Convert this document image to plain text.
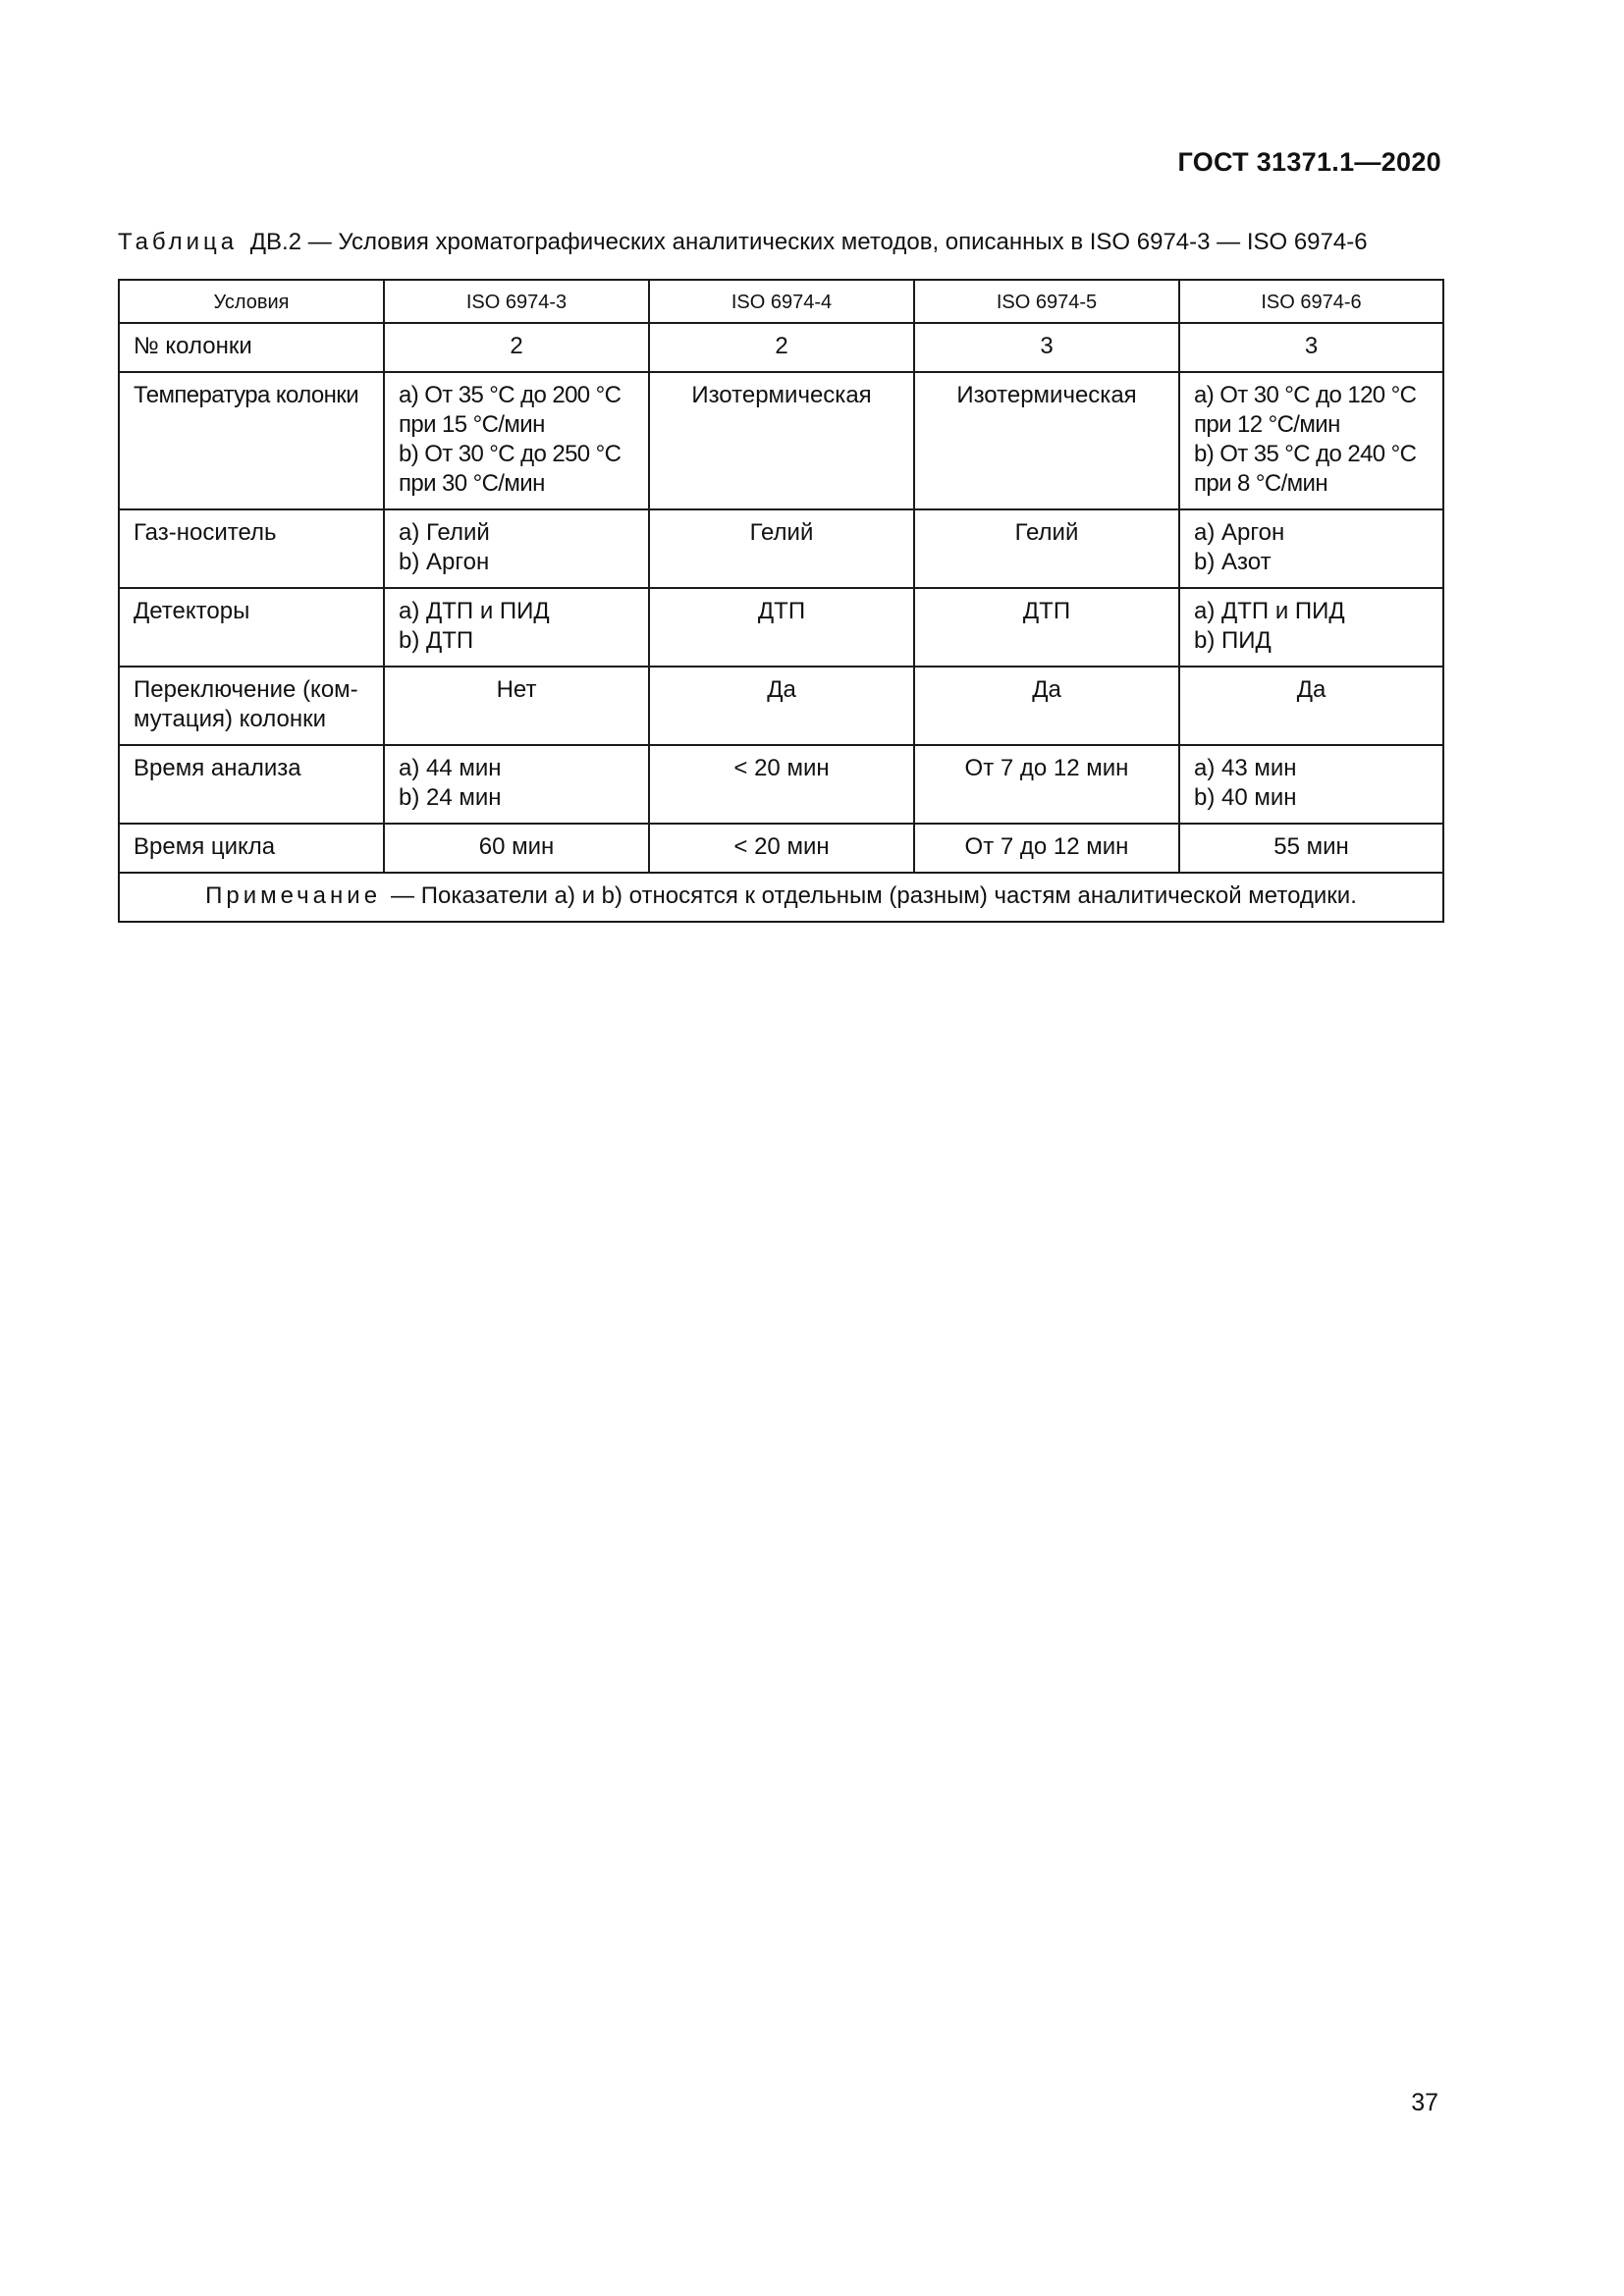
ГОСТ 31371.1—2020
Таблица ДВ.2 — Условия хроматографических аналитических методов, описанных в ISO 6974-3 — ISO 6974-6
Условия	ISO 6974-3	ISO 6974-4	ISO 6974-5	ISO 6974-6

№ колонки	2	2	3	3

Температура колонки	a) От 35 °С до 200 °С
при 15 °С/мин
b) От 30 °С до 250 °С
при 30 °С/мин	Изотермическая	Изотермическая	a) От 30 °С до 120 °С
при 12 °С/мин
b) От 35 °С до 240 °С
при 8 °С/мин

Газ-носитель	a) Гелий
b) Аргон	Гелий	Гелий	a) Аргон
b) Азот

Детекторы	a) ДТП и ПИД
b) ДТП	ДТП	ДТП	a) ДТП и ПИД
b) ПИД

Переключение (ком-
мутация) колонки	Нет	Да	Да	Да

Время анализа	a) 44 мин
b) 24 мин	< 20 мин	От 7 до 12 мин	a) 43 мин
b) 40 мин

Время цикла	60 мин	< 20 мин	От 7 до 12 мин	55 мин

Примечание — Показатели a) и b) относятся к отдельным (разным) частям аналитической методики.				
37
